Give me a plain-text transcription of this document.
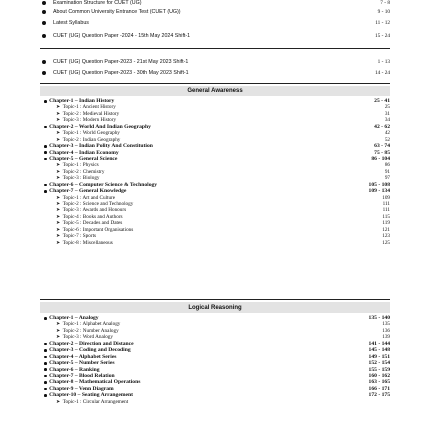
Examination Structure for CUET (UG)	7 - 8
About Common University Entrance Test (CUET (UG))	9 - 10
Latest Syllabus	11 - 12
CUET (UG) Question Paper -2024 - 15th May 2024 Shift-1	15 - 24
CUET (UG) Question Paper-2023 - 21st May 2023 Shift-1	1 - 13
CUET (UG) Question Paper-2023 - 30th May 2023 Shift-1	14 - 24
General Awareness
Chapter-1 – Indian History	25 - 41
➤ Topic-1 : Ancient History	25
➤ Topic-2 : Medieval History	31
➤ Topic-3 : Modern History	34
Chapter-2 – World And Indian Geography	42 - 62
➤ Topic-1 : World Geography	42
➤ Topic-2 : Indian Geography	52
Chapter-3 – Indian Polity And Constitution	63 - 74
Chapter-4 – Indian Economy	75 - 85
Chapter-5 – General Science	86 - 104
➤ Topic-1 : Physics	86
➤ Topic-2 : Chemistry	91
➤ Topic-3 : Biology	97
Chapter-6 – Computer Science & Technology	105 - 108
Chapter-7 – General Knowledge	109 - 134
➤ Topic-1 : Art and Culture	109
➤ Topic-2 : Science and Technology	111
➤ Topic-3 : Awards and Honours	111
➤ Topic-4 : Books and Authors	115
➤ Topic-5 : Decades and Dates	119
➤ Topic-6 : Important Organisations	121
➤ Topic-7 : Sports	123
➤ Topic-8 : Miscellaneous	125
Logical Reasoning
Chapter-1 – Analogy	135 - 140
➤ Topic-1 : Alphabet Analogy	135
➤ Topic-2 : Number Analogy	136
➤ Topic-3 : Word Analogy	139
Chapter-2 – Direction and Distance	141 - 144
Chapter-3 – Coding and Decoding	145 - 148
Chapter-4 – Alphabet Series	149 - 151
Chapter-5 – Number Series	152 - 154
Chapter-6 – Ranking	155 - 159
Chapter-7 – Blood Relation	160 - 162
Chapter-8 – Mathematical Operations	163 - 165
Chapter-9 – Venn Diagram	166 - 171
Chapter-10 – Seating Arrangement	172 - 175
➤ Topic-1 : Circular Arrangement
